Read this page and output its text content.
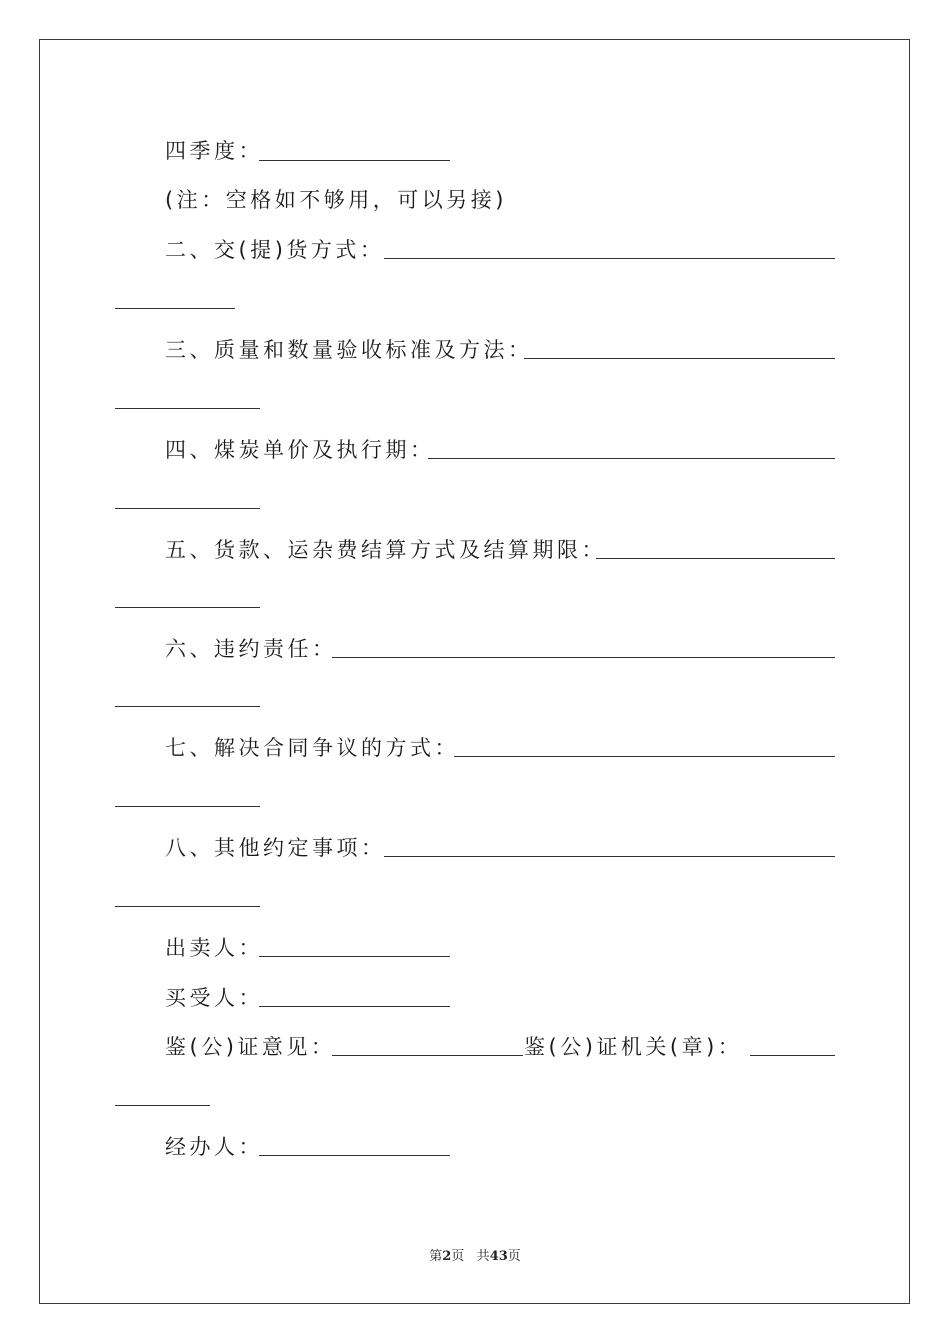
四季度：
(注：空格如不够用，可以另接)
二、交(提)货方式：
三、质量和数量验收标准及方法：
四、煤炭单价及执行期：
五、货款、运杂费结算方式及结算期限：
六、违约责任：
七、解决合同争议的方式：
八、其他约定事项：
出卖人：
买受人：
鉴(公)证意见：	鉴(公)证机关(章)：
经办人：
第2页 共43页
